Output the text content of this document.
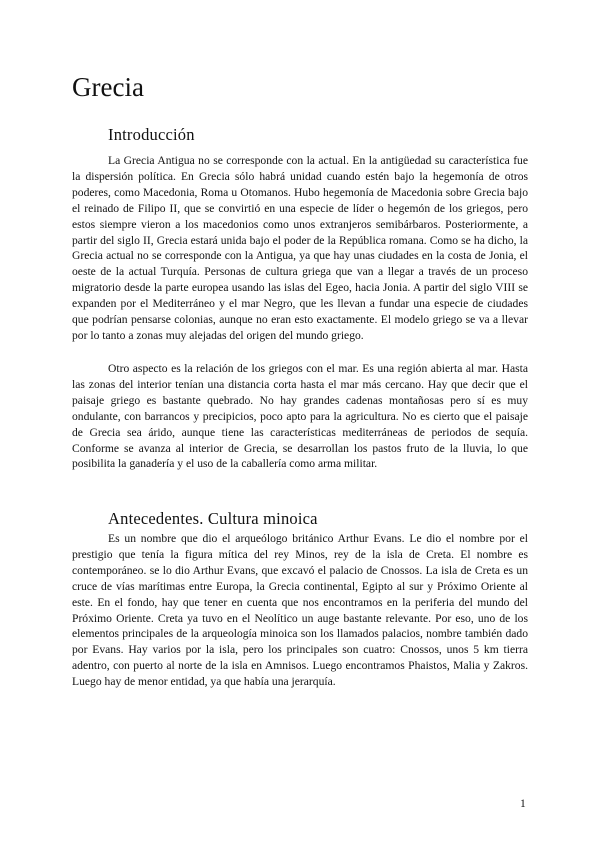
Grecia
Introducción

La Grecia Antigua no se corresponde con la actual. En la antigüedad su característica fue la dispersión política. En Grecia sólo habrá unidad cuando estén bajo la hegemonía de otros poderes, como Macedonia, Roma u Otomanos. Hubo hegemonía de Macedonia sobre Grecia bajo el reinado de Filipo II, que se convirtió en una especie de líder o hegemón de los griegos, pero estos siempre vieron a los macedonios como unos extranjeros semibárbaros. Posteriormente, a partir del siglo II, Grecia estará unida bajo el poder de la República romana. Como se ha dicho, la Grecia actual no se corresponde con la Antigua, ya que hay unas ciudades en la costa de Jonia, el oeste de la actual Turquía. Personas de cultura griega que van a llegar a través de un proceso migratorio desde la parte europea usando las islas del Egeo, hacia Jonia. A partir del siglo VIII se expanden por el Mediterráneo y el mar Negro, que les llevan a fundar una especie de ciudades que podrían pensarse colonias, aunque no eran esto exactamente. El modelo griego se va a llevar por lo tanto a zonas muy alejadas del origen del mundo griego.

Otro aspecto es la relación de los griegos con el mar. Es una región abierta al mar. Hasta las zonas del interior tenían una distancia corta hasta el mar más cercano. Hay que decir que el paisaje griego es bastante quebrado. No hay grandes cadenas montañosas pero sí es muy ondulante, con barrancos y precipicios, poco apto para la agricultura. No es cierto que el paisaje de Grecia sea árido, aunque tiene las características mediterráneas de periodos de sequía. Conforme se avanza al interior de Grecia, se desarrollan los pastos fruto de la lluvia, lo que posibilita la ganadería y el uso de la caballería como arma militar.

Antecedentes. Cultura minoica

Es un nombre que dio el arqueólogo británico Arthur Evans. Le dio el nombre por el prestigio que tenía la figura mítica del rey Minos, rey de la isla de Creta. El nombre es contemporáneo. se lo dio Arthur Evans, que excavó el palacio de Cnossos. La isla de Creta es un cruce de vías marítimas entre Europa, la Grecia continental, Egipto al sur y Próximo Oriente al este. En el fondo, hay que tener en cuenta que nos encontramos en la periferia del mundo del Próximo Oriente. Creta ya tuvo en el Neolítico un auge bastante relevante. Por eso, uno de los elementos principales de la arqueología minoica son los llamados palacios, nombre también dado por Evans. Hay varios por la isla, pero los principales son cuatro: Cnossos, unos 5 km tierra adentro, con puerto al norte de la isla en Amnisos. Luego encontramos Phaistos, Malia y Zakros. Luego hay de menor entidad, ya que había una jerarquía.

1
